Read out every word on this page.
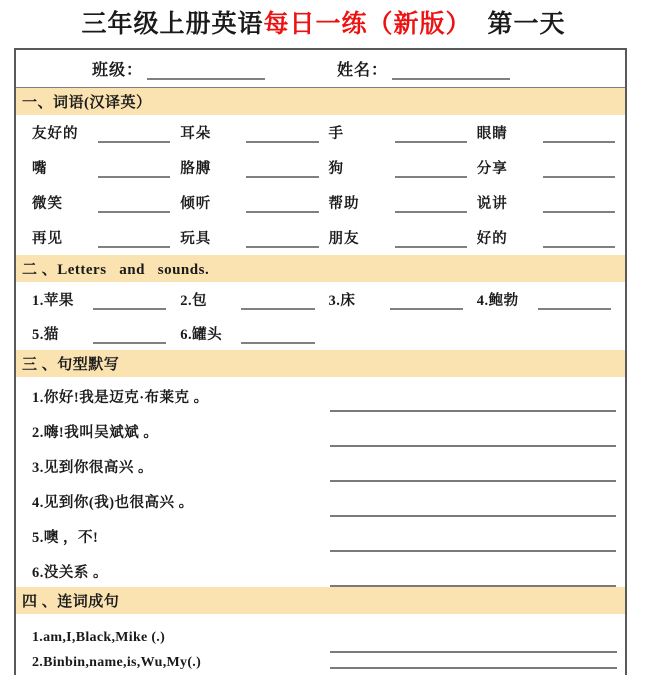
三年级上册英语每日一练（新版） 第一天
班级：	姓名：
一、词语(汉译英）
友好的	耳朵	手	眼睛
嘴	胳膊	狗	分享
微笑	倾听	帮助	说讲
再见	玩具	朋友	好的
二 、Letters   and   sounds.
1.苹果	2.包	3.床	4.鲍勃
5.猫	6.罐头
三 、句型默写
1.你好!我是迈克·布莱克 。
2.嗨!我叫吴斌斌 。
3.见到你很高兴 。
4.见到你(我)也很高兴 。
5.噢 ，不!
6.没关系 。
四 、连词成句
1.am,I,Black,Mike (.)
2.Binbin,name,is,Wu,My(.)
